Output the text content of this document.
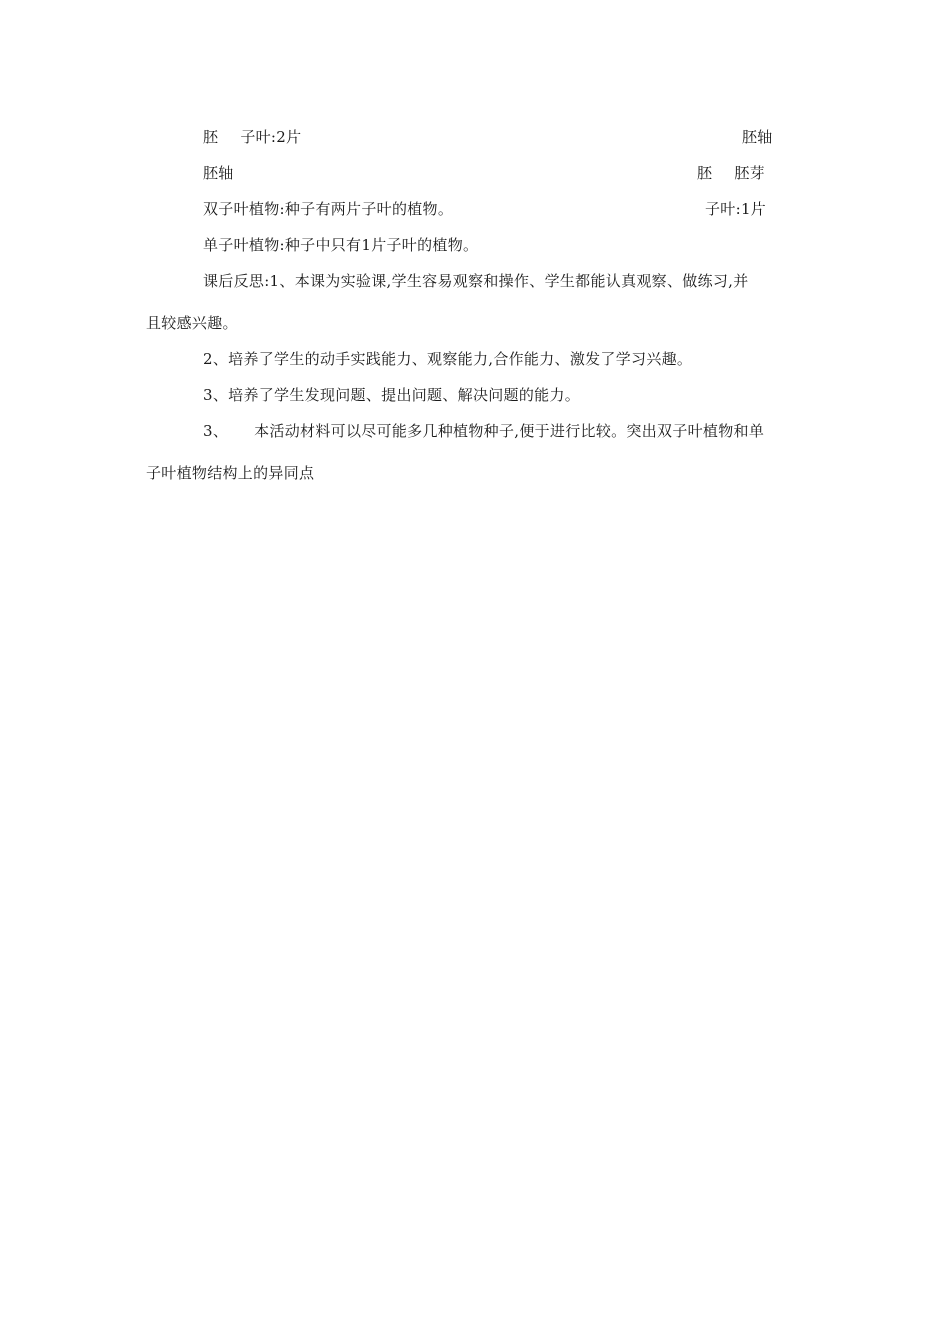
胚 子叶:2片	胚轴
胚轴	胚 胚芽
双子叶植物:种子有两片子叶的植物。	子叶:1片
单子叶植物:种子中只有1片子叶的植物。
课后反思:1、本课为实验课,学生容易观察和操作、学生都能认真观察、做练习,并
且较感兴趣。
2、培养了学生的动手实践能力、观察能力,合作能力、激发了学习兴趣。
3、培养了学生发现问题、提出问题、解决问题的能力。
3、 本活动材料可以尽可能多几种植物种子,便于进行比较。突出双子叶植物和单
子叶植物结构上的异同点
